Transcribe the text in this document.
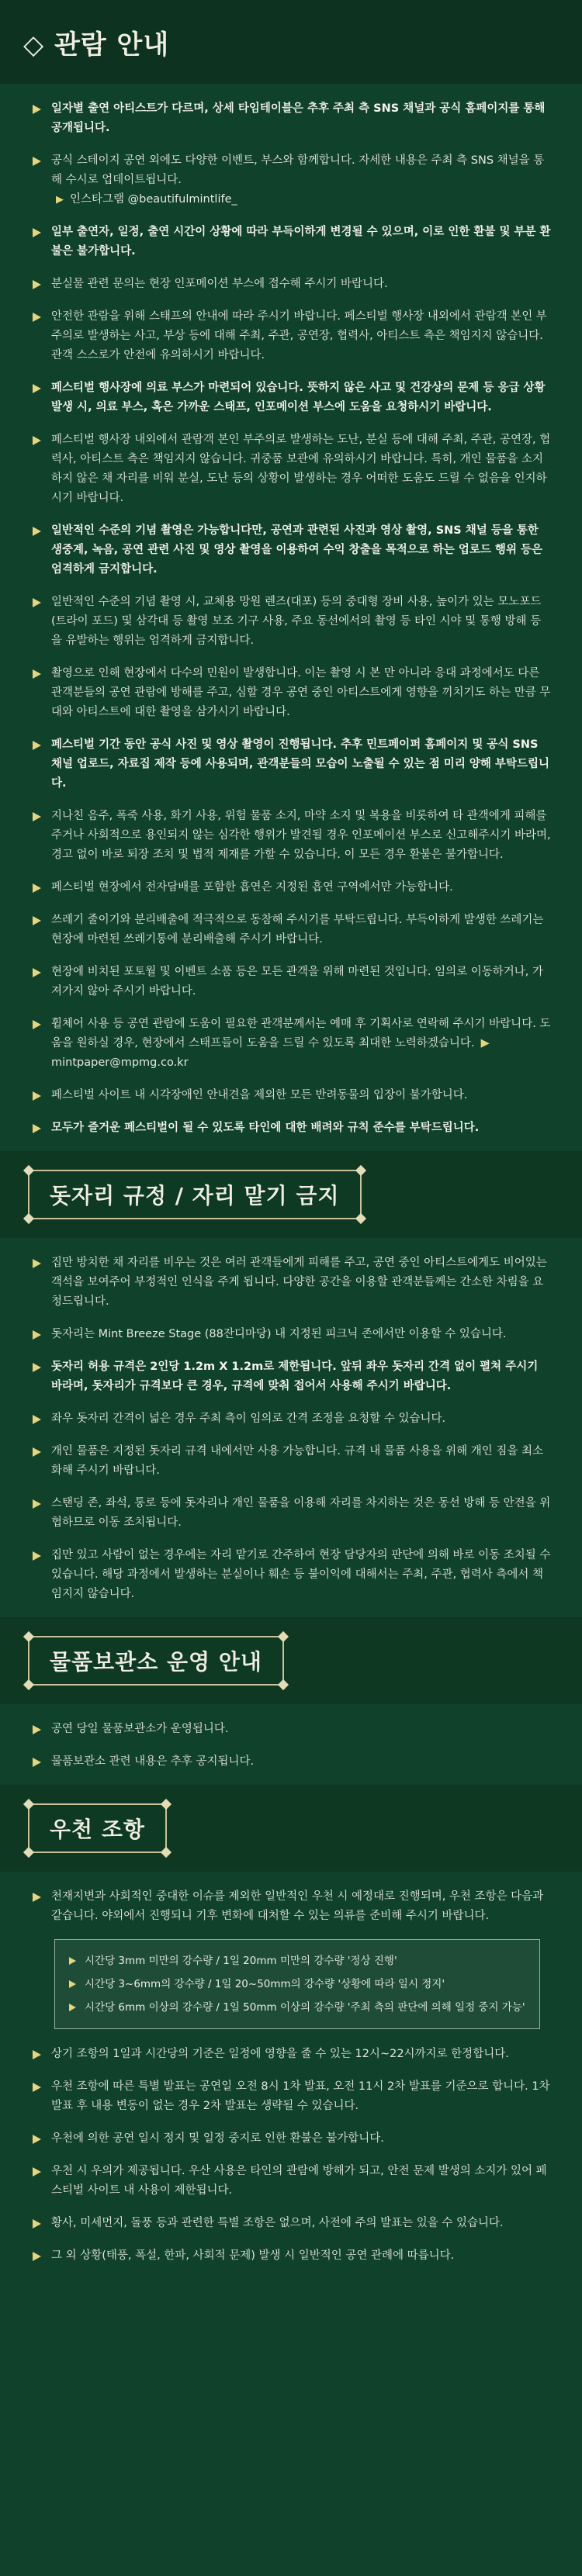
◇ 관람 안내
일자별 출연 아티스트가 다르며, 상세 타임테이블은 추후 주최 측 SNS 채널과 공식 홈페이지를 통해 공개됩니다.
공식 스테이지 공연 외에도 다양한 이벤트, 부스와 함께합니다. 자세한 내용은 주최 측 SNS 채널을 통해 수시로 업데이트됩니다.
▶ 인스타그램 @beautifulmintlife_
일부 출연자, 일정, 출연 시간이 상황에 따라 부득이하게 변경될 수 있으며, 이로 인한 환불 및 부분 환불은 불가합니다.
분실물 관련 문의는 현장 인포메이션 부스에 접수해 주시기 바랍니다.
안전한 관람을 위해 스태프의 안내에 따라 주시기 바랍니다. 페스티벌 행사장 내외에서 관람객 본인 부주의로 발생하는 사고, 부상 등에 대해 주최, 주관, 공연장, 협력사, 아티스트 측은 책임지지 않습니다. 관객 스스로가 안전에 유의하시기 바랍니다.
페스티벌 행사장에 의료 부스가 마련되어 있습니다. 뜻하지 않은 사고 및 건강상의 문제 등 응급 상황 발생 시, 의료 부스, 혹은 가까운 스태프, 인포메이션 부스에 도움을 요청하시기 바랍니다.
페스티벌 행사장 내외에서 관람객 본인 부주의로 발생하는 도난, 분실 등에 대해 주최, 주관, 공연장, 협력사, 아티스트 측은 책임지지 않습니다. 귀중품 보관에 유의하시기 바랍니다. 특히, 개인 물품을 소지하지 않은 채 자리를 비워 분실, 도난 등의 상황이 발생하는 경우 어떠한 도움도 드릴 수 없음을 인지하시기 바랍니다.
일반적인 수준의 기념 촬영은 가능합니다만, 공연과 관련된 사진과 영상 촬영, SNS 채널 등을 통한 생중계, 녹음, 공연 관련 사진 및 영상 촬영을 이용하여 수익 창출을 목적으로 하는 업로드 행위 등은 엄격하게 금지합니다.
일반적인 수준의 기념 촬영 시, 교체용 망원 렌즈(대포) 등의 중대형 장비 사용, 높이가 있는 모노포드(트라이 포드) 및 삼각대 등 촬영 보조 기구 사용, 주요 동선에서의 촬영 등 타인 시야 및 통행 방해 등을 유발하는 행위는 엄격하게 금지합니다.
촬영으로 인해 현장에서 다수의 민원이 발생합니다. 이는 촬영 시 본 만 아니라 응대 과정에서도 다른 관객분들의 공연 관람에 방해를 주고, 심할 경우 공연 중인 아티스트에게 영향을 끼치기도 하는 만큼 무대와 아티스트에 대한 촬영을 삼가시기 바랍니다.
페스티벌 기간 동안 공식 사진 및 영상 촬영이 진행됩니다. 추후 민트페이퍼 홈페이지 및 공식 SNS 채널 업로드, 자료집 제작 등에 사용되며, 관객분들의 모습이 노출될 수 있는 점 미리 양해 부탁드립니다.
지나친 음주, 폭죽 사용, 화기 사용, 위험 물품 소지, 마약 소지 및 복용을 비롯하여 타 관객에게 피해를 주거나 사회적으로 용인되지 않는 심각한 행위가 발견될 경우 인포메이션 부스로 신고해주시기 바라며, 경고 없이 바로 퇴장 조치 및 법적 제재를 가할 수 있습니다. 이 모든 경우 환불은 불가합니다.
페스티벌 현장에서 전자담배를 포함한 흡연은 지정된 흡연 구역에서만 가능합니다.
쓰레기 줄이기와 분리배출에 적극적으로 동참해 주시기를 부탁드립니다. 부득이하게 발생한 쓰레기는 현장에 마련된 쓰레기통에 분리배출해 주시기 바랍니다.
현장에 비치된 포토월 및 이벤트 소품 등은 모든 관객을 위해 마련된 것입니다. 임의로 이동하거나, 가져가지 않아 주시기 바랍니다.
휠체어 사용 등 공연 관람에 도움이 필요한 관객분께서는 예매 후 기획사로 연락해 주시기 바랍니다. 도움을 원하실 경우, 현장에서 스태프들이 도움을 드릴 수 있도록 최대한 노력하겠습니다. ▶ mintpaper@mpmg.co.kr
페스티벌 사이트 내 시각장애인 안내견을 제외한 모든 반려동물의 입장이 불가합니다.
모두가 즐거운 페스티벌이 될 수 있도록 타인에 대한 배려와 규칙 준수를 부탁드립니다.
돗자리 규정 / 자리 맡기 금지
집만 방치한 채 자리를 비우는 것은 여러 관객들에게 피해를 주고, 공연 중인 아티스트에게도 비어있는 객석을 보여주어 부정적인 인식을 주게 됩니다. 다양한 공간을 이용할 관객분들께는 간소한 차림을 요청드립니다.
돗자리는 Mint Breeze Stage (88잔디마당) 내 지정된 피크닉 존에서만 이용할 수 있습니다.
돗자리 허용 규격은 2인당 1.2m X 1.2m로 제한됩니다. 앞뒤 좌우 돗자리 간격 없이 펼쳐 주시기 바라며, 돗자리가 규격보다 큰 경우, 규격에 맞춰 접어서 사용해 주시기 바랍니다.
좌우 돗자리 간격이 넓은 경우 주최 측이 임의로 간격 조정을 요청할 수 있습니다.
개인 물품은 지정된 돗자리 규격 내에서만 사용 가능합니다. 규격 내 물품 사용을 위해 개인 짐을 최소화해 주시기 바랍니다.
스탠딩 존, 좌석, 통로 등에 돗자리나 개인 물품을 이용해 자리를 차지하는 것은 동선 방해 등 안전을 위협하므로 이동 조치됩니다.
집만 있고 사람이 없는 경우에는 자리 맡기로 간주하여 현장 담당자의 판단에 의해 바로 이동 조치될 수 있습니다. 해당 과정에서 발생하는 분실이나 훼손 등 불이익에 대해서는 주최, 주관, 협력사 측에서 책임지지 않습니다.
물품보관소 운영 안내
공연 당일 물품보관소가 운영됩니다.
물품보관소 관련 내용은 추후 공지됩니다.
우천 조항
천재지변과 사회적인 중대한 이슈를 제외한 일반적인 우천 시 예정대로 진행되며, 우천 조항은 다음과 같습니다. 야외에서 진행되니 기후 변화에 대처할 수 있는 의류를 준비해 주시기 바랍니다.
시간당 3mm 미만의 강수량 / 1일 20mm 미만의 강수량 '정상 진행'
시간당 3~6mm의 강수량 / 1일 20~50mm의 강수량 '상황에 따라 일시 정지'
시간당 6mm 이상의 강수량 / 1일 50mm 이상의 강수량 '주최 측의 판단에 의해 일정 중지 가능'
상기 조항의 1일과 시간당의 기준은 일정에 영향을 줄 수 있는 12시~22시까지로 한정합니다.
우천 조항에 따른 특별 발표는 공연일 오전 8시 1차 발표, 오전 11시 2차 발표를 기준으로 합니다. 1차 발표 후 내용 변동이 없는 경우 2차 발표는 생략될 수 있습니다.
우천에 의한 공연 일시 정지 및 일정 중지로 인한 환불은 불가합니다.
우천 시 우의가 제공됩니다. 우산 사용은 타인의 관람에 방해가 되고, 안전 문제 발생의 소지가 있어 페스티벌 사이트 내 사용이 제한됩니다.
황사, 미세먼지, 돌풍 등과 관련한 특별 조항은 없으며, 사전에 주의 발표는 있을 수 있습니다.
그 외 상황(태풍, 폭설, 한파, 사회적 문제) 발생 시 일반적인 공연 관례에 따릅니다.
